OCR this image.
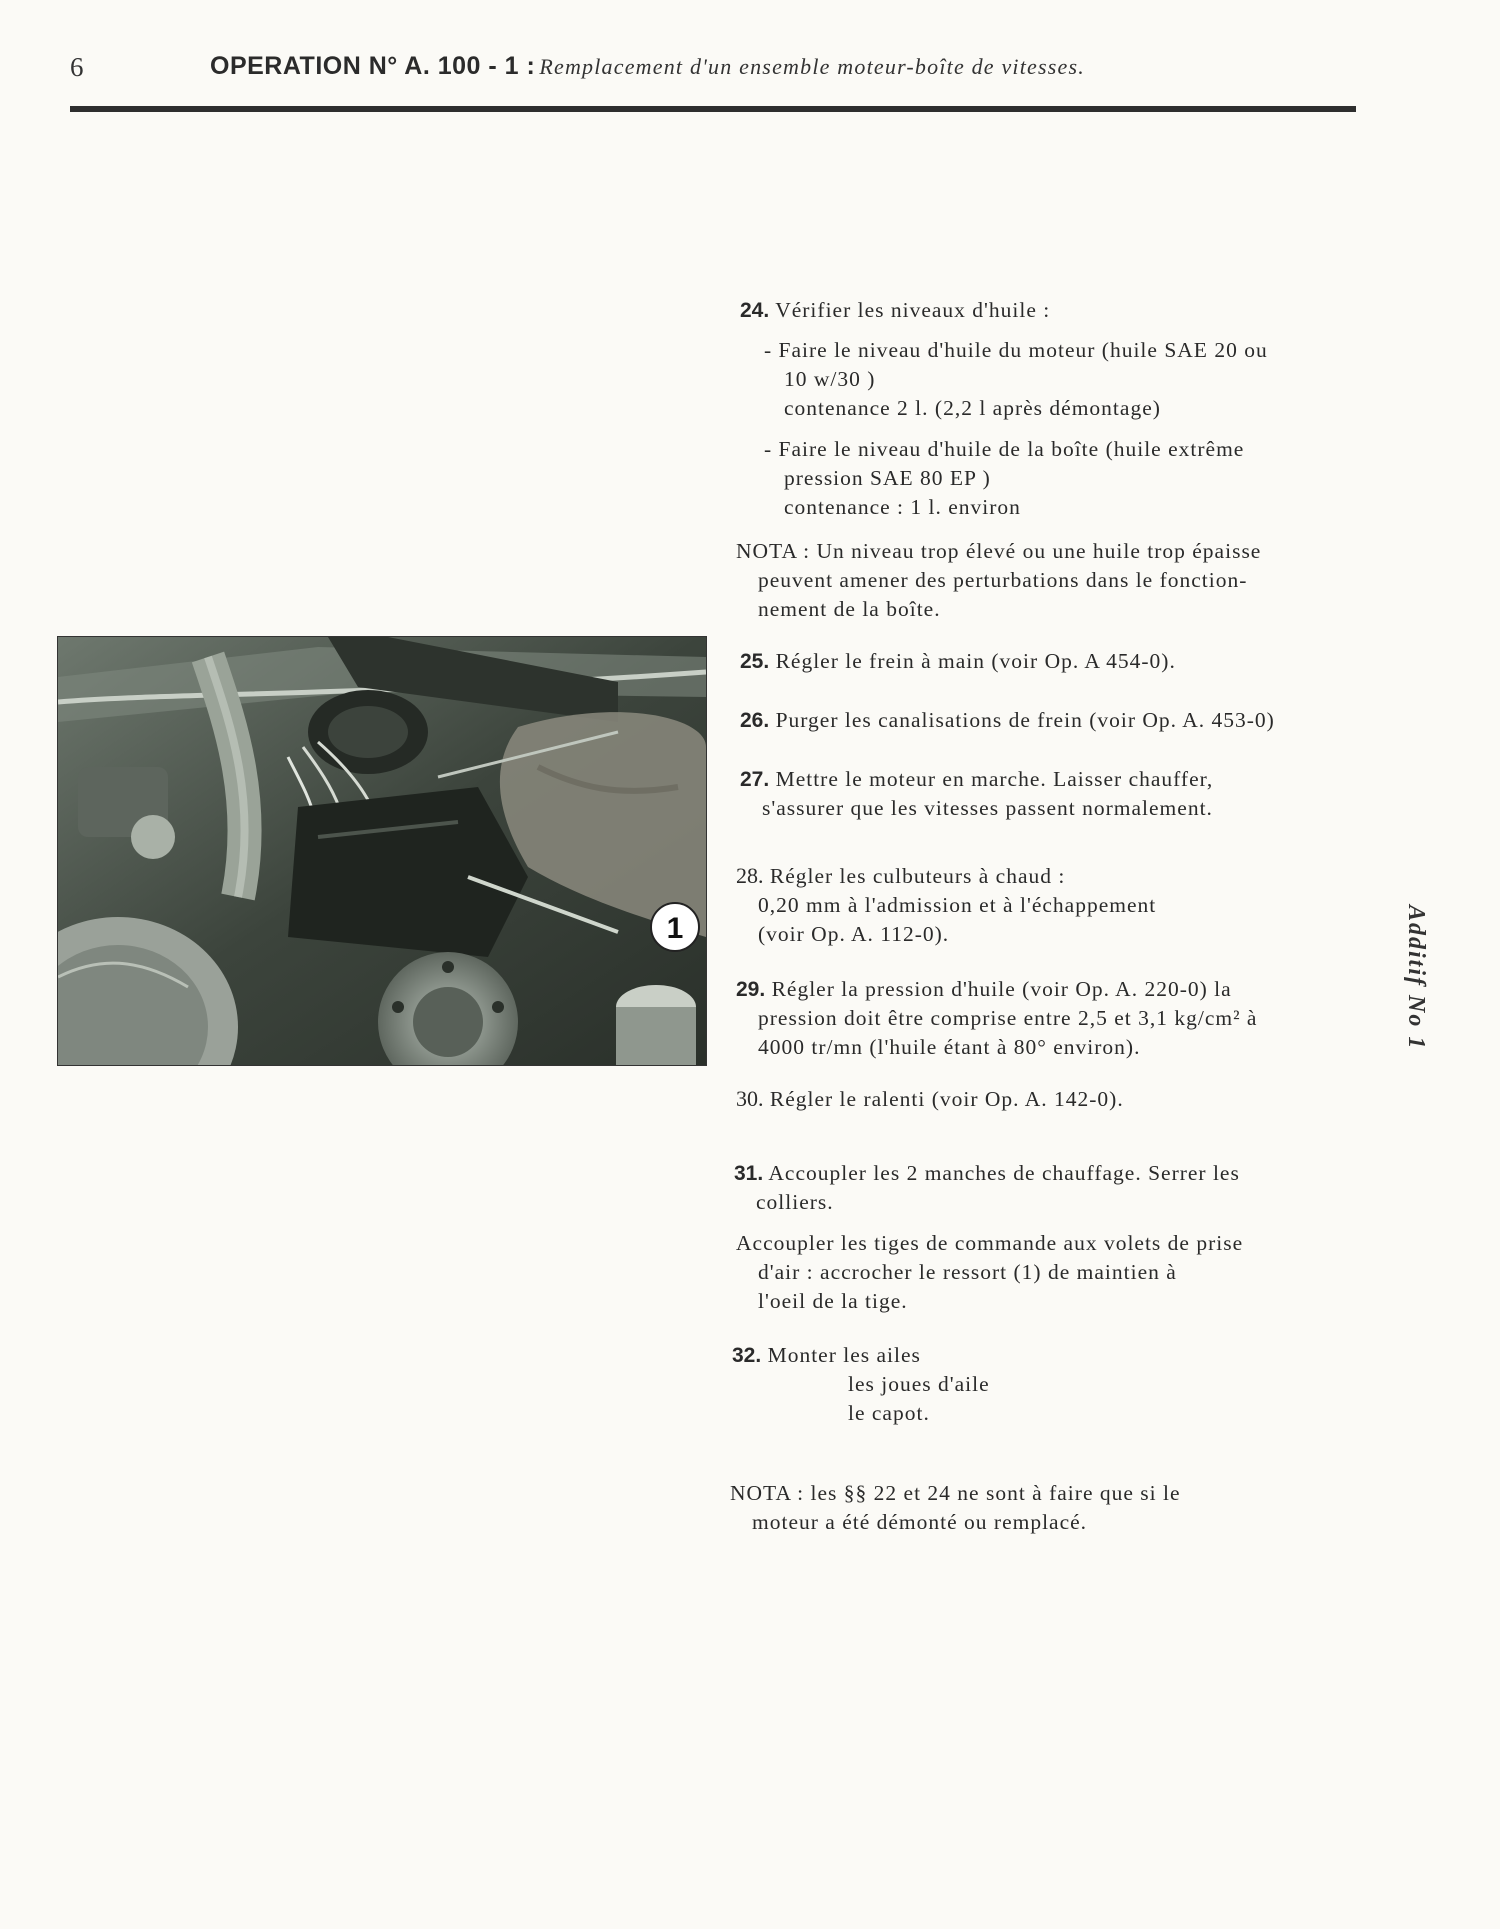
6	OPERATION N° A. 100 - 1 : Remplacement d'un ensemble moteur-boîte de vitesses.
Additif No 1
1
24. Vérifier les niveaux d'huile :
- Faire le niveau d'huile du moteur (huile SAE 20 ou
10 w/30 )
contenance 2 l. (2,2 l après démontage)
- Faire le niveau d'huile de la boîte (huile extrême
pression SAE 80 EP )
contenance : 1 l. environ
NOTA : Un niveau trop élevé ou une huile trop épaisse
peuvent amener des perturbations dans le fonction-
nement de la boîte.
25. Régler le frein à main (voir Op. A 454-0).
26. Purger les canalisations de frein (voir Op. A. 453-0)
27. Mettre le moteur en marche. Laisser chauffer,
s'assurer que les vitesses passent normalement.
28. Régler les culbuteurs à chaud :
0,20 mm à l'admission et à l'échappement
(voir Op. A. 112-0).
29. Régler la pression d'huile (voir Op. A. 220-0) la
pression doit être comprise entre 2,5 et 3,1 kg/cm² à
4000 tr/mn (l'huile étant à 80° environ).
30. Régler le ralenti (voir Op. A. 142-0).
31. Accoupler les 2 manches de chauffage. Serrer les
colliers.
Accoupler les tiges de commande aux volets de prise
d'air : accrocher le ressort (1) de maintien à
l'oeil de la tige.
32. Monter les ailes
les joues d'aile
le capot.
NOTA : les §§ 22 et 24 ne sont à faire que si le
moteur a été démonté ou remplacé.
